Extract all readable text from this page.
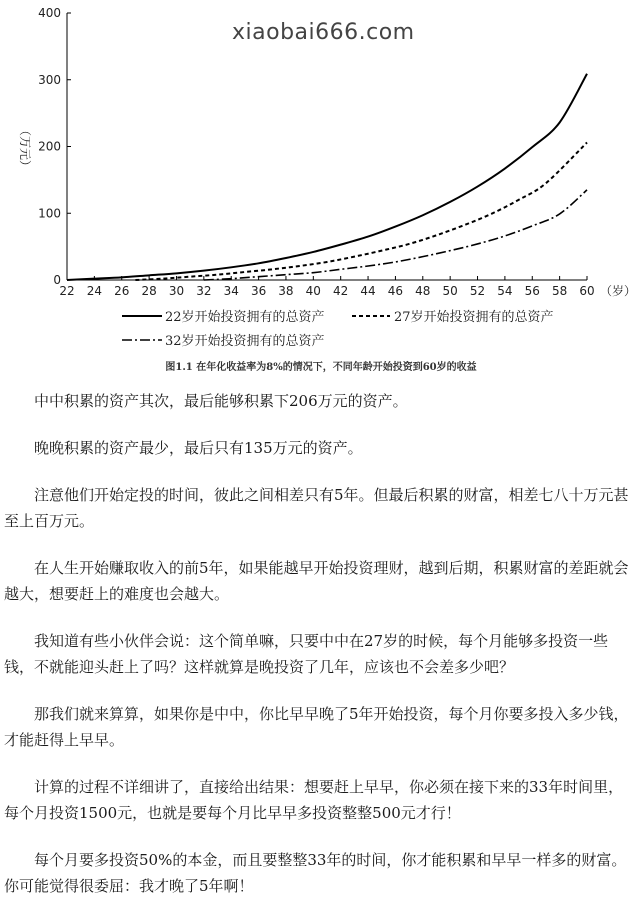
0
100
200
300
400
22 24 26 28 30 32 34 36 38 40 42 44 46 48 50 52 54 56 58 60
（万元）
（岁）
22岁开始投资拥有的总资产	27岁开始投资拥有的总资产
32岁开始投资拥有的总资产
xiaobai666.com
图1.1 在年化收益率为8%的情况下，不同年龄开始投资到60岁的收益

中中积累的资产其次，最后能够积累下206万元的资产。

晚晚积累的资产最少，最后只有135万元的资产。

注意他们开始定投的时间，彼此之间相差只有5年。但最后积累的财富，相差七八十万元甚至上百万元。

在人生开始赚取收入的前5年，如果能越早开始投资理财，越到后期，积累财富的差距就会越大，想要赶上的难度也会越大。

我知道有些小伙伴会说：这个简单嘛，只要中中在27岁的时候，每个月能够多投资一些钱，不就能迎头赶上了吗？这样就算是晚投资了几年，应该也不会差多少吧？

那我们就来算算，如果你是中中，你比早早晚了5年开始投资，每个月你要多投入多少钱，才能赶得上早早。

计算的过程不详细讲了，直接给出结果：想要赶上早早，你必须在接下来的33年时间里，每个月投资1500元，也就是要每个月比早早多投资整整500元才行！

每个月要多投资50%的本金，而且要整整33年的时间，你才能积累和早早一样多的财富。你可能觉得很委屈：我才晚了5年啊！
